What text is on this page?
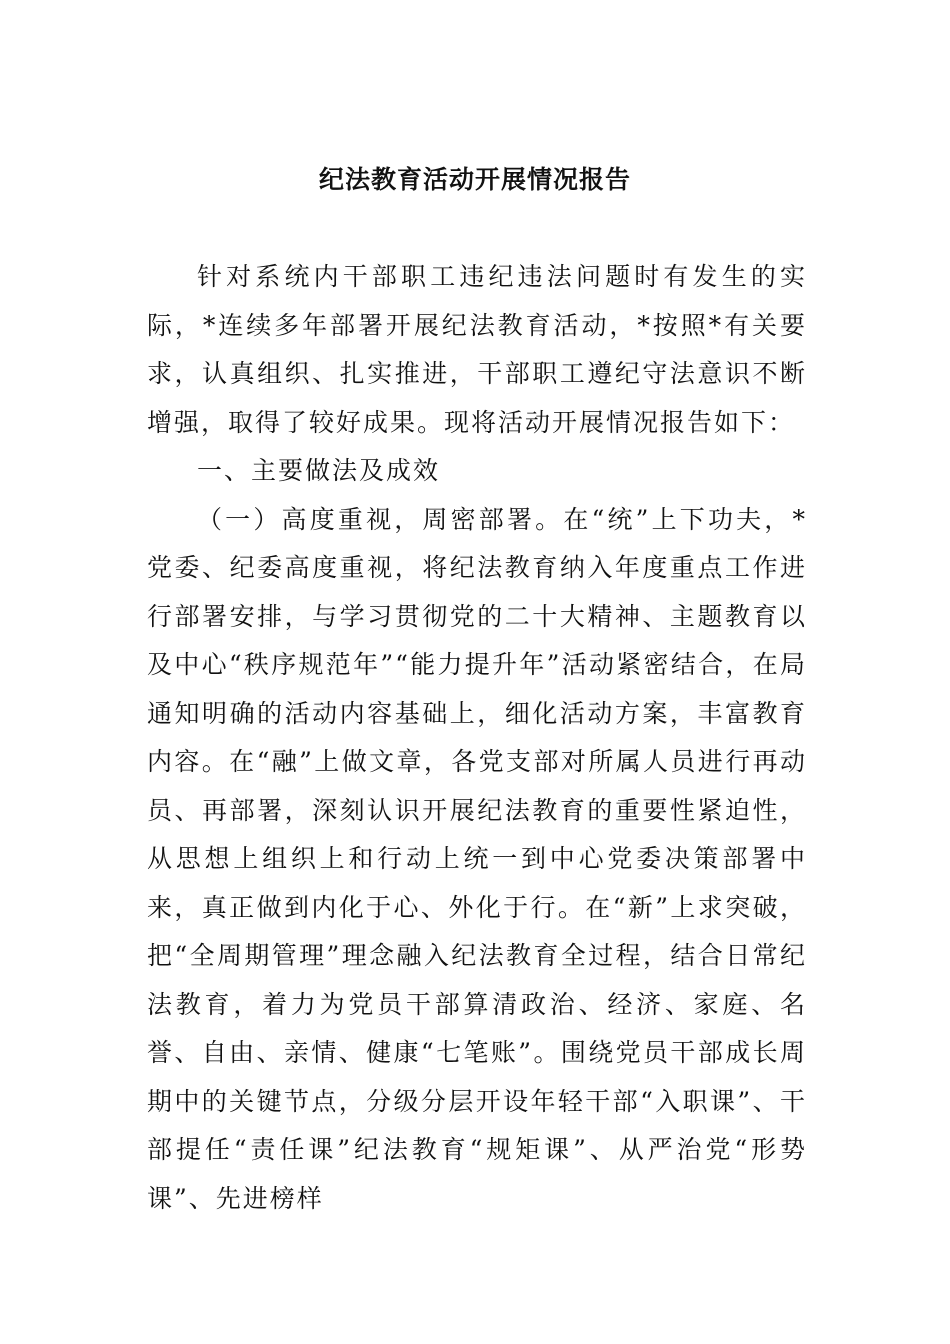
纪法教育活动开展情况报告

针对系统内干部职工违纪违法问题时有发生的实际，*连续多年部署开展纪法教育活动，*按照*有关要求，认真组织、扎实推进，干部职工遵纪守法意识不断增强，取得了较好成果。现将活动开展情况报告如下：

一、主要做法及成效

（一）高度重视，周密部署。在“统”上下功夫，*党委、纪委高度重视，将纪法教育纳入年度重点工作进行部署安排，与学习贯彻党的二十大精神、主题教育以及中心“秩序规范年”“能力提升年”活动紧密结合，在局通知明确的活动内容基础上，细化活动方案，丰富教育内容。在“融”上做文章，各党支部对所属人员进行再动员、再部署，深刻认识开展纪法教育的重要性紧迫性，从思想上组织上和行动上统一到中心党委决策部署中来，真正做到内化于心、外化于行。在“新”上求突破，把“全周期管理”理念融入纪法教育全过程，结合日常纪法教育，着力为党员干部算清政治、经济、家庭、名誉、自由、亲情、健康“七笔账”。围绕党员干部成长周期中的关键节点，分级分层开设年轻干部“入职课”、干部提任“责任课”纪法教育“规矩课”、从严治党“形势课”、先进榜样
